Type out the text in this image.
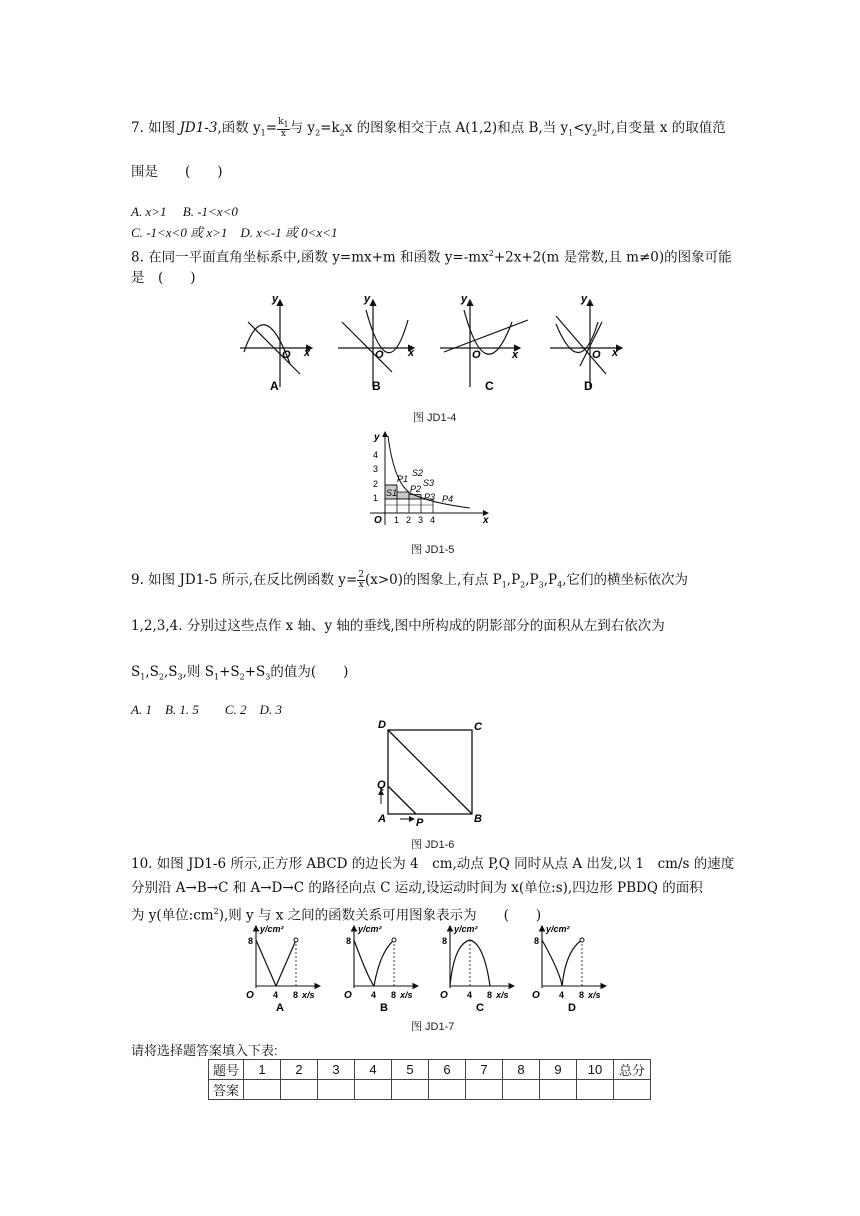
7. 如图 JD1-3,函数 $y_1= \frac{k_1}{x}$ 与 $y_2=k_2x$ 的图象相交于点 A(1,2)和点 B,当 $y_1<y_2$时,自变量 x 的取值范
围是　　(　　)
A. x>1　 B. -1<x<0
C. -1<x<0 或 x>1　 D. x<-1 或 0<x<1
8. 在同一平面直角坐标系中,函数 y=mx+m 和函数 $y=-mx^2+2x+2(m$ 是常数,且 m≠0)的图象可能
是　(　　)
y
O x
A
y
O x
B
y
O	x
C
y
O x
D
图 JD1-4
y
4
3
2
1
O 1 2 3 4	x
S1
S2
S3
P1
P2
P3 P4
图 JD1-5
9. 如图 JD1-5 所示,在反比例函数 $y= \frac{2}{x} (x>0)$的图象上,有点 $P_1,P_2,P_3,P_4$,它们的横坐标依次为
1,2,3,4. 分别过这些点作 x 轴、y 轴的垂线,图中所构成的阴影部分的面积从左到右依次为
$S_1,S_2,S_3$,则 $S_1+S_2+S_3$的值为(　　)
A. 1　B. 1. 5　　C. 2　D. 3
D	C
Q
A	P	B
图 JD1-6
10. 如图 JD1-6 所示,正方形 ABCD 的边长为 4　cm,动点 P,Q 同时从点 A 出发,以 1　cm/s 的速度
分别沿 A→B→C 和 A→D→C 的路径向点 C 运动,设运动时间为 x(单位:s),四边形 PBDQ 的面积
为 y(单位$:cm^2$),则 y 与 x 之间的函数关系可用图象表示为　　(　　)
y/cm²
8
O 4 8 x/s
A
y/cm²
8
O 4 8 x/s
B
y/cm²
8
O 4 8 x/s
C
y/cm²
8
O 4 8 x/s
D
图 JD1-7
请将选择题答案填入下表:
题号	1	2	3	4	5	6	7	8	9	10	总分
答案											
